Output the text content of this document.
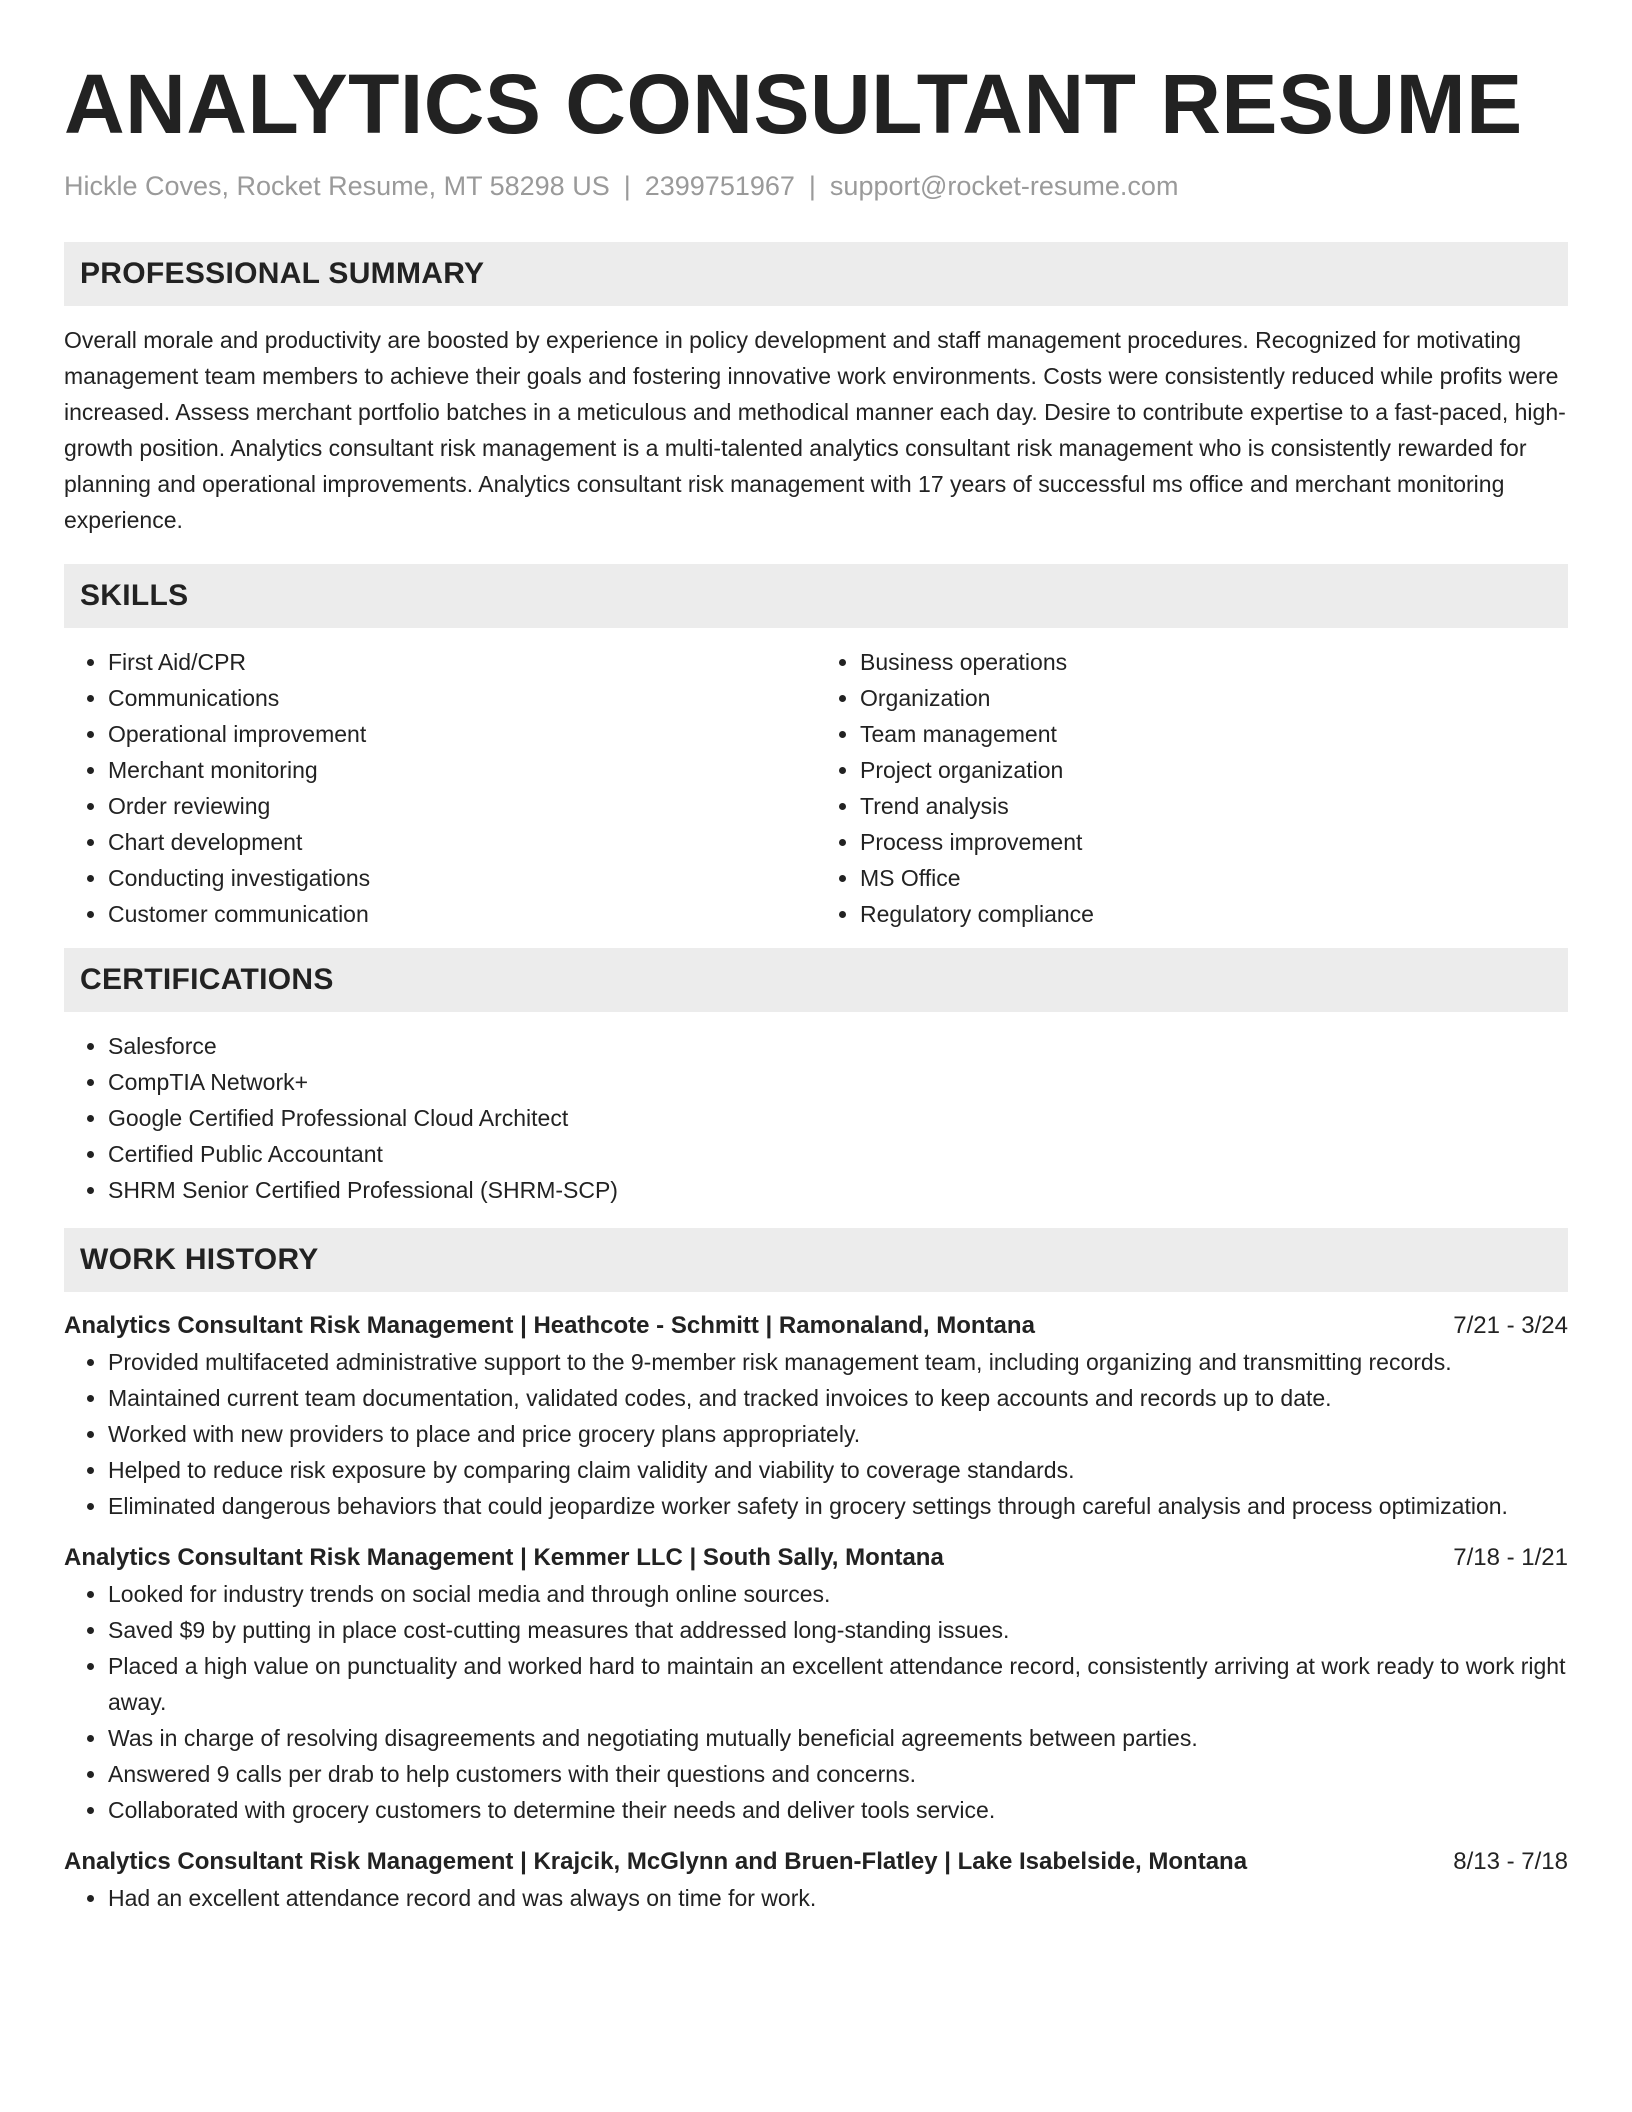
ANALYTICS CONSULTANT RESUME
Hickle Coves, Rocket Resume, MT 58298 US | 2399751967 | support@rocket-resume.com
PROFESSIONAL SUMMARY

Overall morale and productivity are boosted by experience in policy development and staff management procedures. Recognized for motivating management team members to achieve their goals and fostering innovative work environments. Costs were consistently reduced while profits were increased. Assess merchant portfolio batches in a meticulous and methodical manner each day. Desire to contribute expertise to a fast-paced, high-growth position. Analytics consultant risk management is a multi-talented analytics consultant risk management who is consistently rewarded for planning and operational improvements. Analytics consultant risk management with 17 years of successful ms office and merchant monitoring experience.

SKILLS
• First Aid/CPR
• Communications
• Operational improvement
• Merchant monitoring
• Order reviewing
• Chart development
• Conducting investigations
• Customer communication
• Business operations
• Organization
• Team management
• Project organization
• Trend analysis
• Process improvement
• MS Office
• Regulatory compliance
CERTIFICATIONS
• Salesforce
• CompTIA Network+
• Google Certified Professional Cloud Architect
• Certified Public Accountant
• SHRM Senior Certified Professional (SHRM-SCP)
WORK HISTORY
Analytics Consultant Risk Management | Heathcote - Schmitt | Ramonaland, Montana	7/21 - 3/24
• Provided multifaceted administrative support to the 9-member risk management team, including organizing and transmitting records.
• Maintained current team documentation, validated codes, and tracked invoices to keep accounts and records up to date.
• Worked with new providers to place and price grocery plans appropriately.
• Helped to reduce risk exposure by comparing claim validity and viability to coverage standards.
• Eliminated dangerous behaviors that could jeopardize worker safety in grocery settings through careful analysis and process optimization.
Analytics Consultant Risk Management | Kemmer LLC | South Sally, Montana	7/18 - 1/21
• Looked for industry trends on social media and through online sources.
• Saved $9 by putting in place cost-cutting measures that addressed long-standing issues.
• Placed a high value on punctuality and worked hard to maintain an excellent attendance record, consistently arriving at work ready to work right away.
• Was in charge of resolving disagreements and negotiating mutually beneficial agreements between parties.
• Answered 9 calls per drab to help customers with their questions and concerns.
• Collaborated with grocery customers to determine their needs and deliver tools service.
Analytics Consultant Risk Management | Krajcik, McGlynn and Bruen-Flatley | Lake Isabelside, Montana	8/13 - 7/18
• Had an excellent attendance record and was always on time for work.
